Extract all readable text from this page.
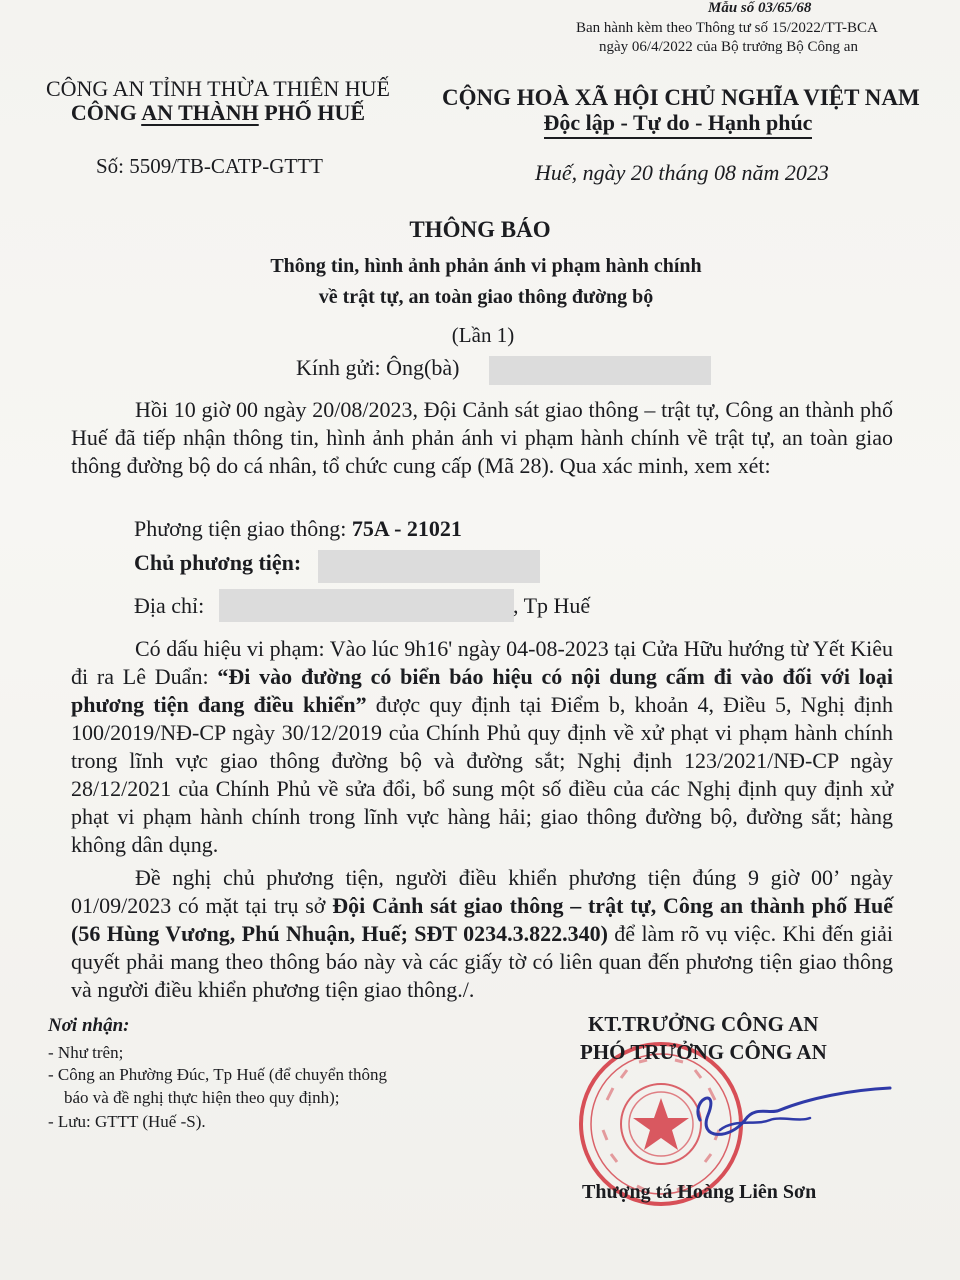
Mẫu số 03/65/68
Ban hành kèm theo Thông tư số 15/2022/TT-BCA
ngày 06/4/2022 của Bộ trưởng Bộ Công an
CÔNG AN TỈNH THỪA THIÊN HUẾ
CÔNG AN THÀNH PHỐ HUẾ
CỘNG HOÀ XÃ HỘI CHỦ NGHĨA VIỆT NAM
Độc lập - Tự do - Hạnh phúc
Số: 5509/TB-CATP-GTTT	Huế, ngày 20 tháng 08 năm 2023
THÔNG BÁO
Thông tin, hình ảnh phản ánh vi phạm hành chính
về trật tự, an toàn giao thông đường bộ
(Lần 1)
Kính gửi: Ông(bà)
Hồi 10 giờ 00 ngày 20/08/2023, Đội Cảnh sát giao thông – trật tự, Công an thành phố Huế đã tiếp nhận thông tin, hình ảnh phản ánh vi phạm hành chính về trật tự, an toàn giao thông đường bộ do cá nhân, tổ chức cung cấp (Mã 28). Qua xác minh, xem xét:
Phương tiện giao thông: 75A - 21021
Chủ phương tiện:
Địa chỉ:	, Tp Huế
Có dấu hiệu vi phạm: Vào lúc 9h16' ngày 04-08-2023 tại Cửa Hữu hướng từ Yết Kiêu đi ra Lê Duẩn: “Đi vào đường có biển báo hiệu có nội dung cấm đi vào đối với loại phương tiện đang điều khiển” được quy định tại Điểm b, khoản 4, Điều 5, Nghị định 100/2019/NĐ-CP ngày 30/12/2019 của Chính Phủ quy định về xử phạt vi phạm hành chính trong lĩnh vực giao thông đường bộ và đường sắt; Nghị định 123/2021/NĐ-CP ngày 28/12/2021 của Chính Phủ về sửa đổi, bổ sung một số điều của các Nghị định quy định xử phạt vi phạm hành chính trong lĩnh vực hàng hải; giao thông đường bộ, đường sắt; hàng không dân dụng.
Đề nghị chủ phương tiện, người điều khiển phương tiện đúng 9 giờ 00’ ngày 01/09/2023 có mặt tại trụ sở Đội Cảnh sát giao thông – trật tự, Công an thành phố Huế (56 Hùng Vương, Phú Nhuận, Huế; SĐT 0234.3.822.340) để làm rõ vụ việc. Khi đến giải quyết phải mang theo thông báo này và các giấy tờ có liên quan đến phương tiện giao thông và người điều khiển phương tiện giao thông./.
Nơi nhận:
- Như trên;
- Công an Phường Đúc, Tp Huế (để chuyển thông
báo và đề nghị thực hiện theo quy định);
- Lưu: GTTT (Huế -S).
KT.TRƯỞNG CÔNG AN
PHÓ TRƯỞNG CÔNG AN
Thượng tá Hoàng Liên Sơn
